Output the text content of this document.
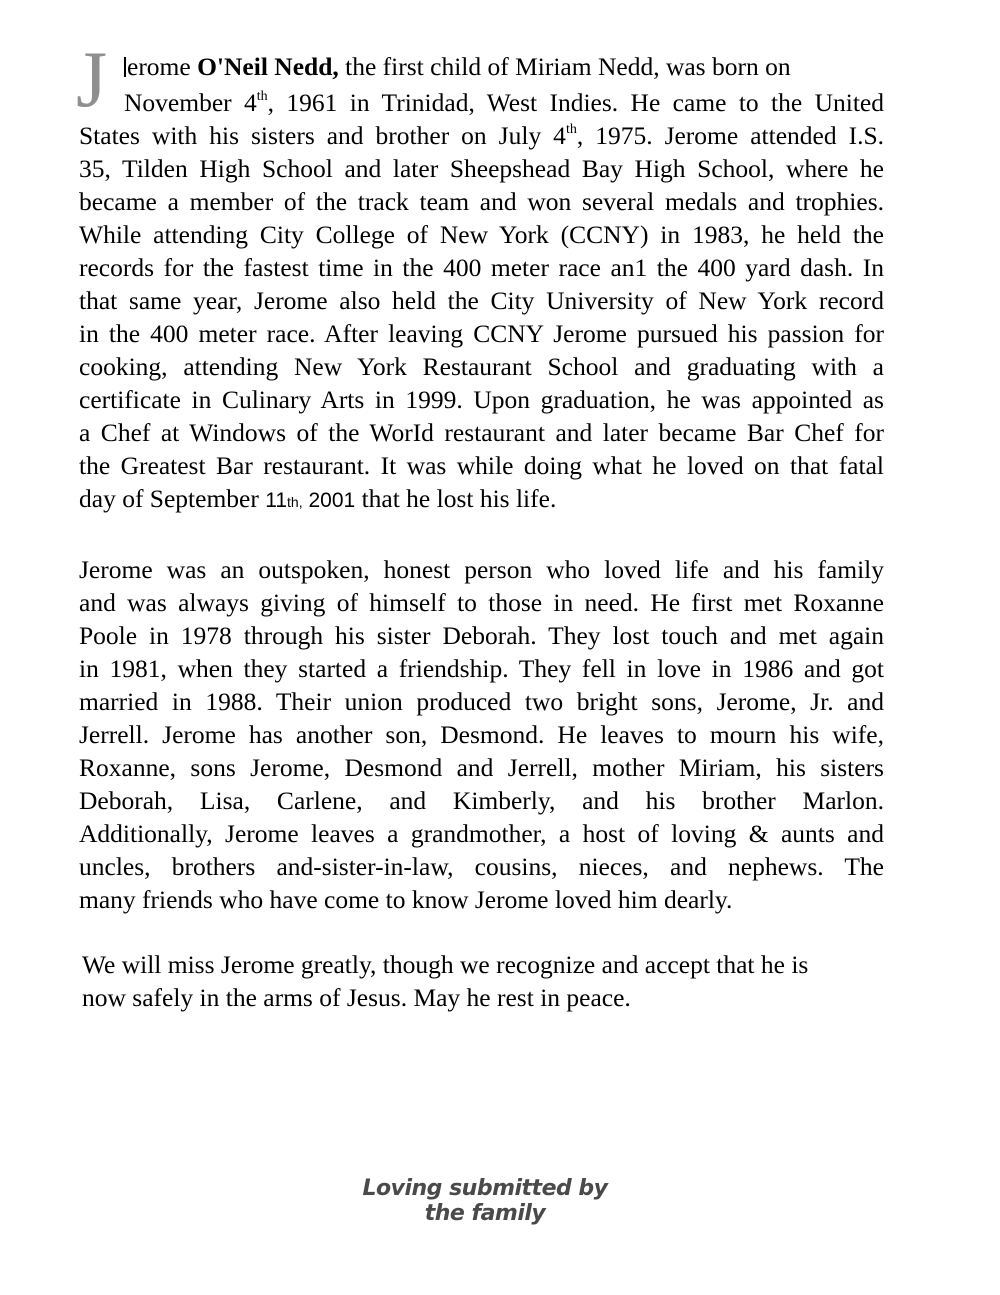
J erome O'Neil Nedd, the first child of Miriam Nedd, was born on
November 4th, 1961 in Trinidad, West Indies. He came to the United
States with his sisters and brother on July 4th, 1975. Jerome attended I.S.
35, Tilden High School and later Sheepshead Bay High School, where he
became a member of the track team and won several medals and trophies.
While attending City College of New York (CCNY) in 1983, he held the
records for the fastest time in the 400 meter race an1 the 400 yard dash. In
that same year, Jerome also held the City University of New York record
in the 400 meter race. After leaving CCNY Jerome pursued his passion for
cooking, attending New York Restaurant School and graduating with a
certificate in Culinary Arts in 1999. Upon graduation, he was appointed as
a Chef at Windows of the WorId restaurant and later became Bar Chef for
the Greatest Bar restaurant. It was while doing what he loved on that fatal
day of September 11th, 2001 that he lost his life.
Jerome was an outspoken, honest person who loved life and his family
and was always giving of himself to those in need. He first met Roxanne
Poole in 1978 through his sister Deborah. They lost touch and met again
in 1981, when they started a friendship. They fell in love in 1986 and got
married in 1988. Their union produced two bright sons, Jerome, Jr. and
Jerrell. Jerome has another son, Desmond. He leaves to mourn his wife,
Roxanne, sons Jerome, Desmond and Jerrell, mother Miriam, his sisters
Deborah, Lisa, Carlene, and Kimberly, and his brother Marlon.
Additionally, Jerome leaves a grandmother, a host of loving & aunts and
uncles, brothers and-sister-in-law, cousins, nieces, and nephews. The
many friends who have come to know Jerome loved him dearly.
We will miss Jerome greatly, though we recognize and accept that he is
now safely in the arms of Jesus. May he rest in peace.
Loving submitted by the family
